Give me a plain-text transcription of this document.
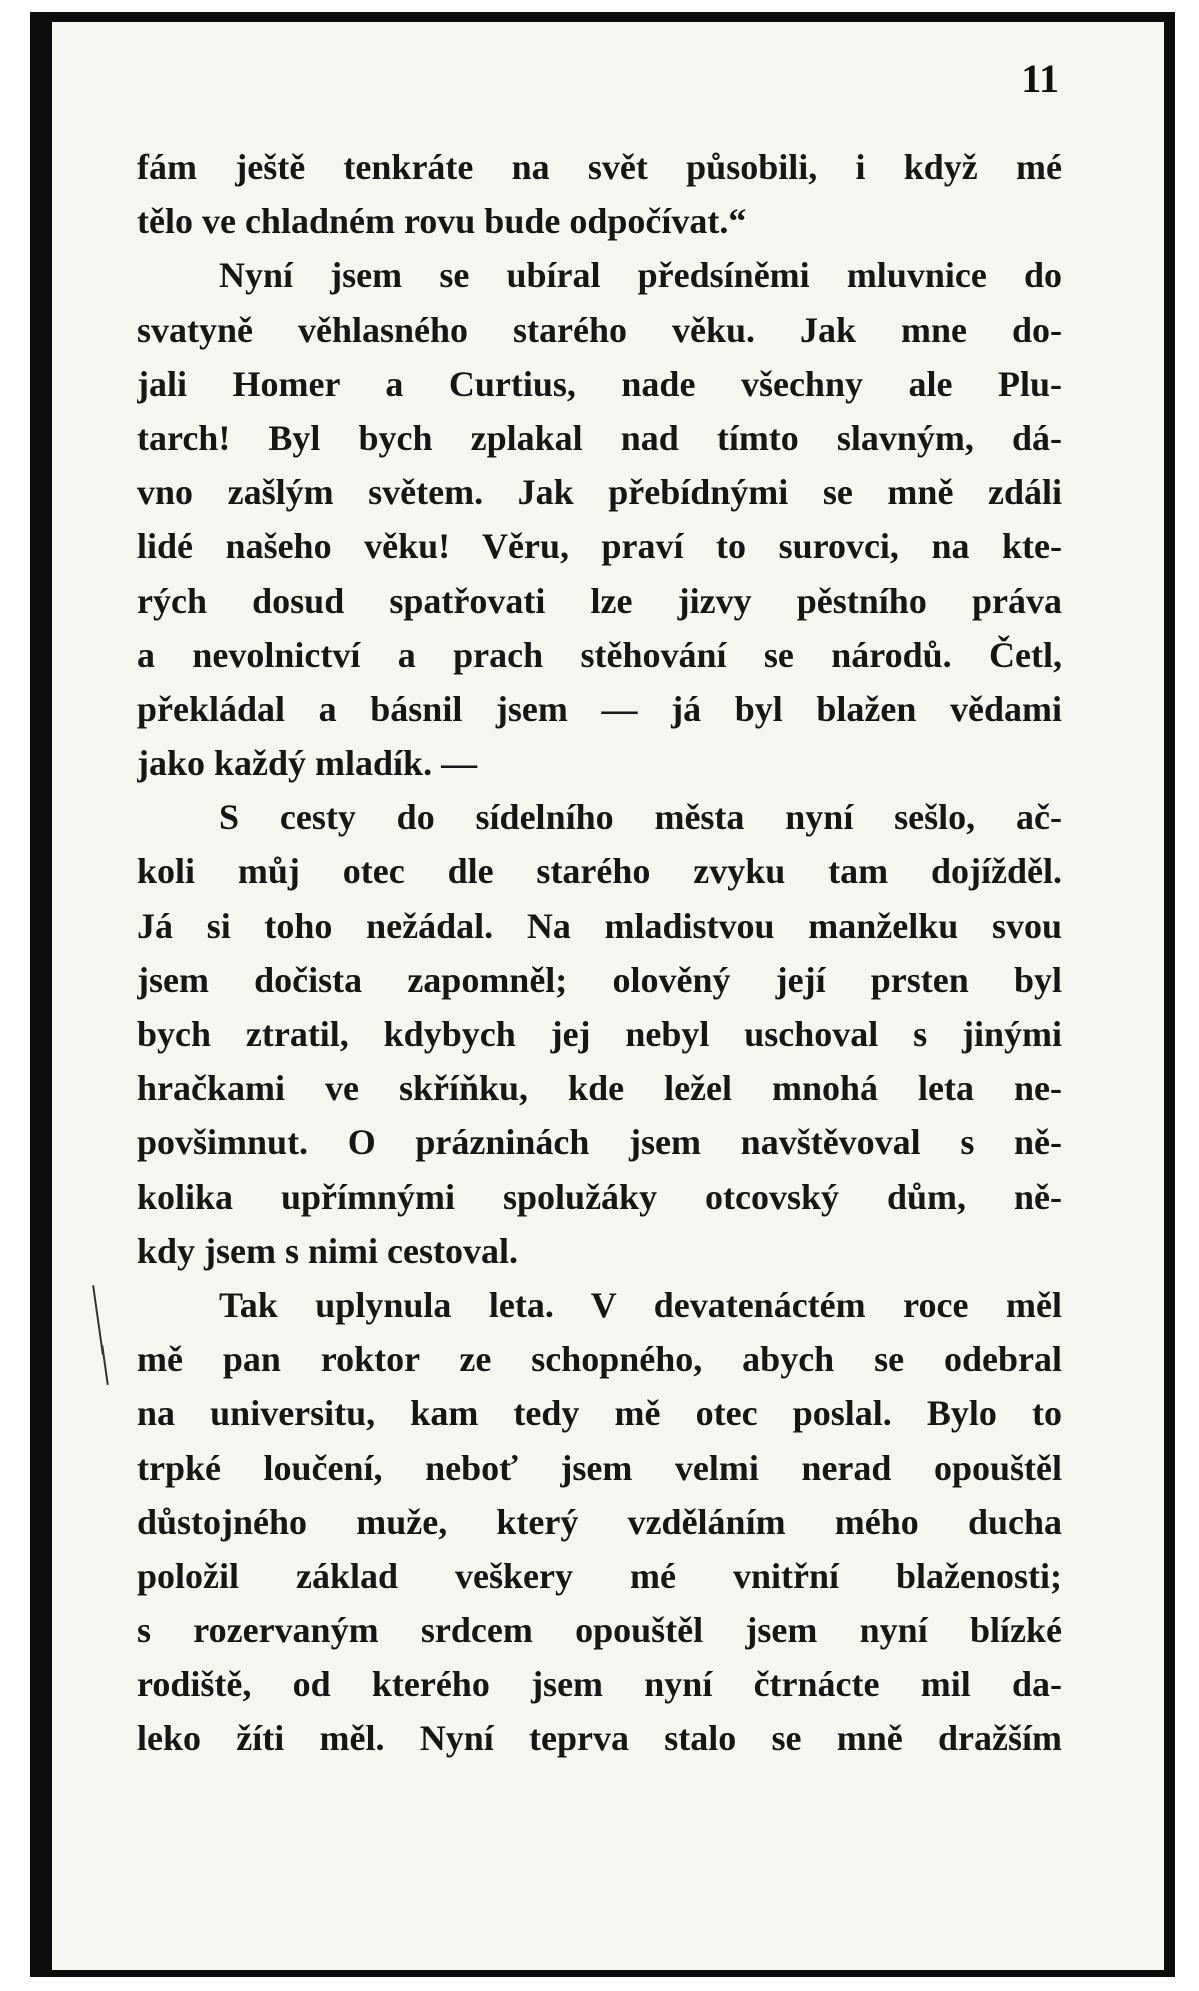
11
fám ještě tenkráte na svět působili, i když mé
tělo ve chladném rovu bude odpočívat.“
Nyní jsem se ubíral předsíněmi mluvnice do
svatyně věhlasného starého věku. Jak mne do-
jali Homer a Curtius, nade všechny ale Plu-
tarch! Byl bych zplakal nad tímto slavným, dá-
vno zašlým světem. Jak přebídnými se mně zdáli
lidé našeho věku! Věru, praví to surovci, na kte-
rých dosud spatřovati lze jizvy pěstního práva
a nevolnictví a prach stěhování se národů. Četl,
překládal a básnil jsem — já byl blažen vědami
jako každý mladík. —
S cesty do sídelního města nyní sešlo, ač-
koli můj otec dle starého zvyku tam dojížděl.
Já si toho nežádal. Na mladistvou manželku svou
jsem dočista zapomněl; olověný její prsten byl
bych ztratil, kdybych jej nebyl uschoval s jinými
hračkami ve skříňku, kde ležel mnohá leta ne-
povšimnut. O prázninách jsem navštěvoval s ně-
kolika upřímnými spolužáky otcovský dům, ně-
kdy jsem s nimi cestoval.
Tak uplynula leta. V devatenáctém roce měl
mě pan roktor ze schopného, abych se odebral
na universitu, kam tedy mě otec poslal. Bylo to
trpké loučení, neboť jsem velmi nerad opouštěl
důstojného muže, který vzděláním mého ducha
položil základ veškery mé vnitřní blaženosti;
s rozervaným srdcem opouštěl jsem nyní blízké
rodiště, od kterého jsem nyní čtrnácte mil da-
leko žíti měl. Nyní teprva stalo se mně dražším
